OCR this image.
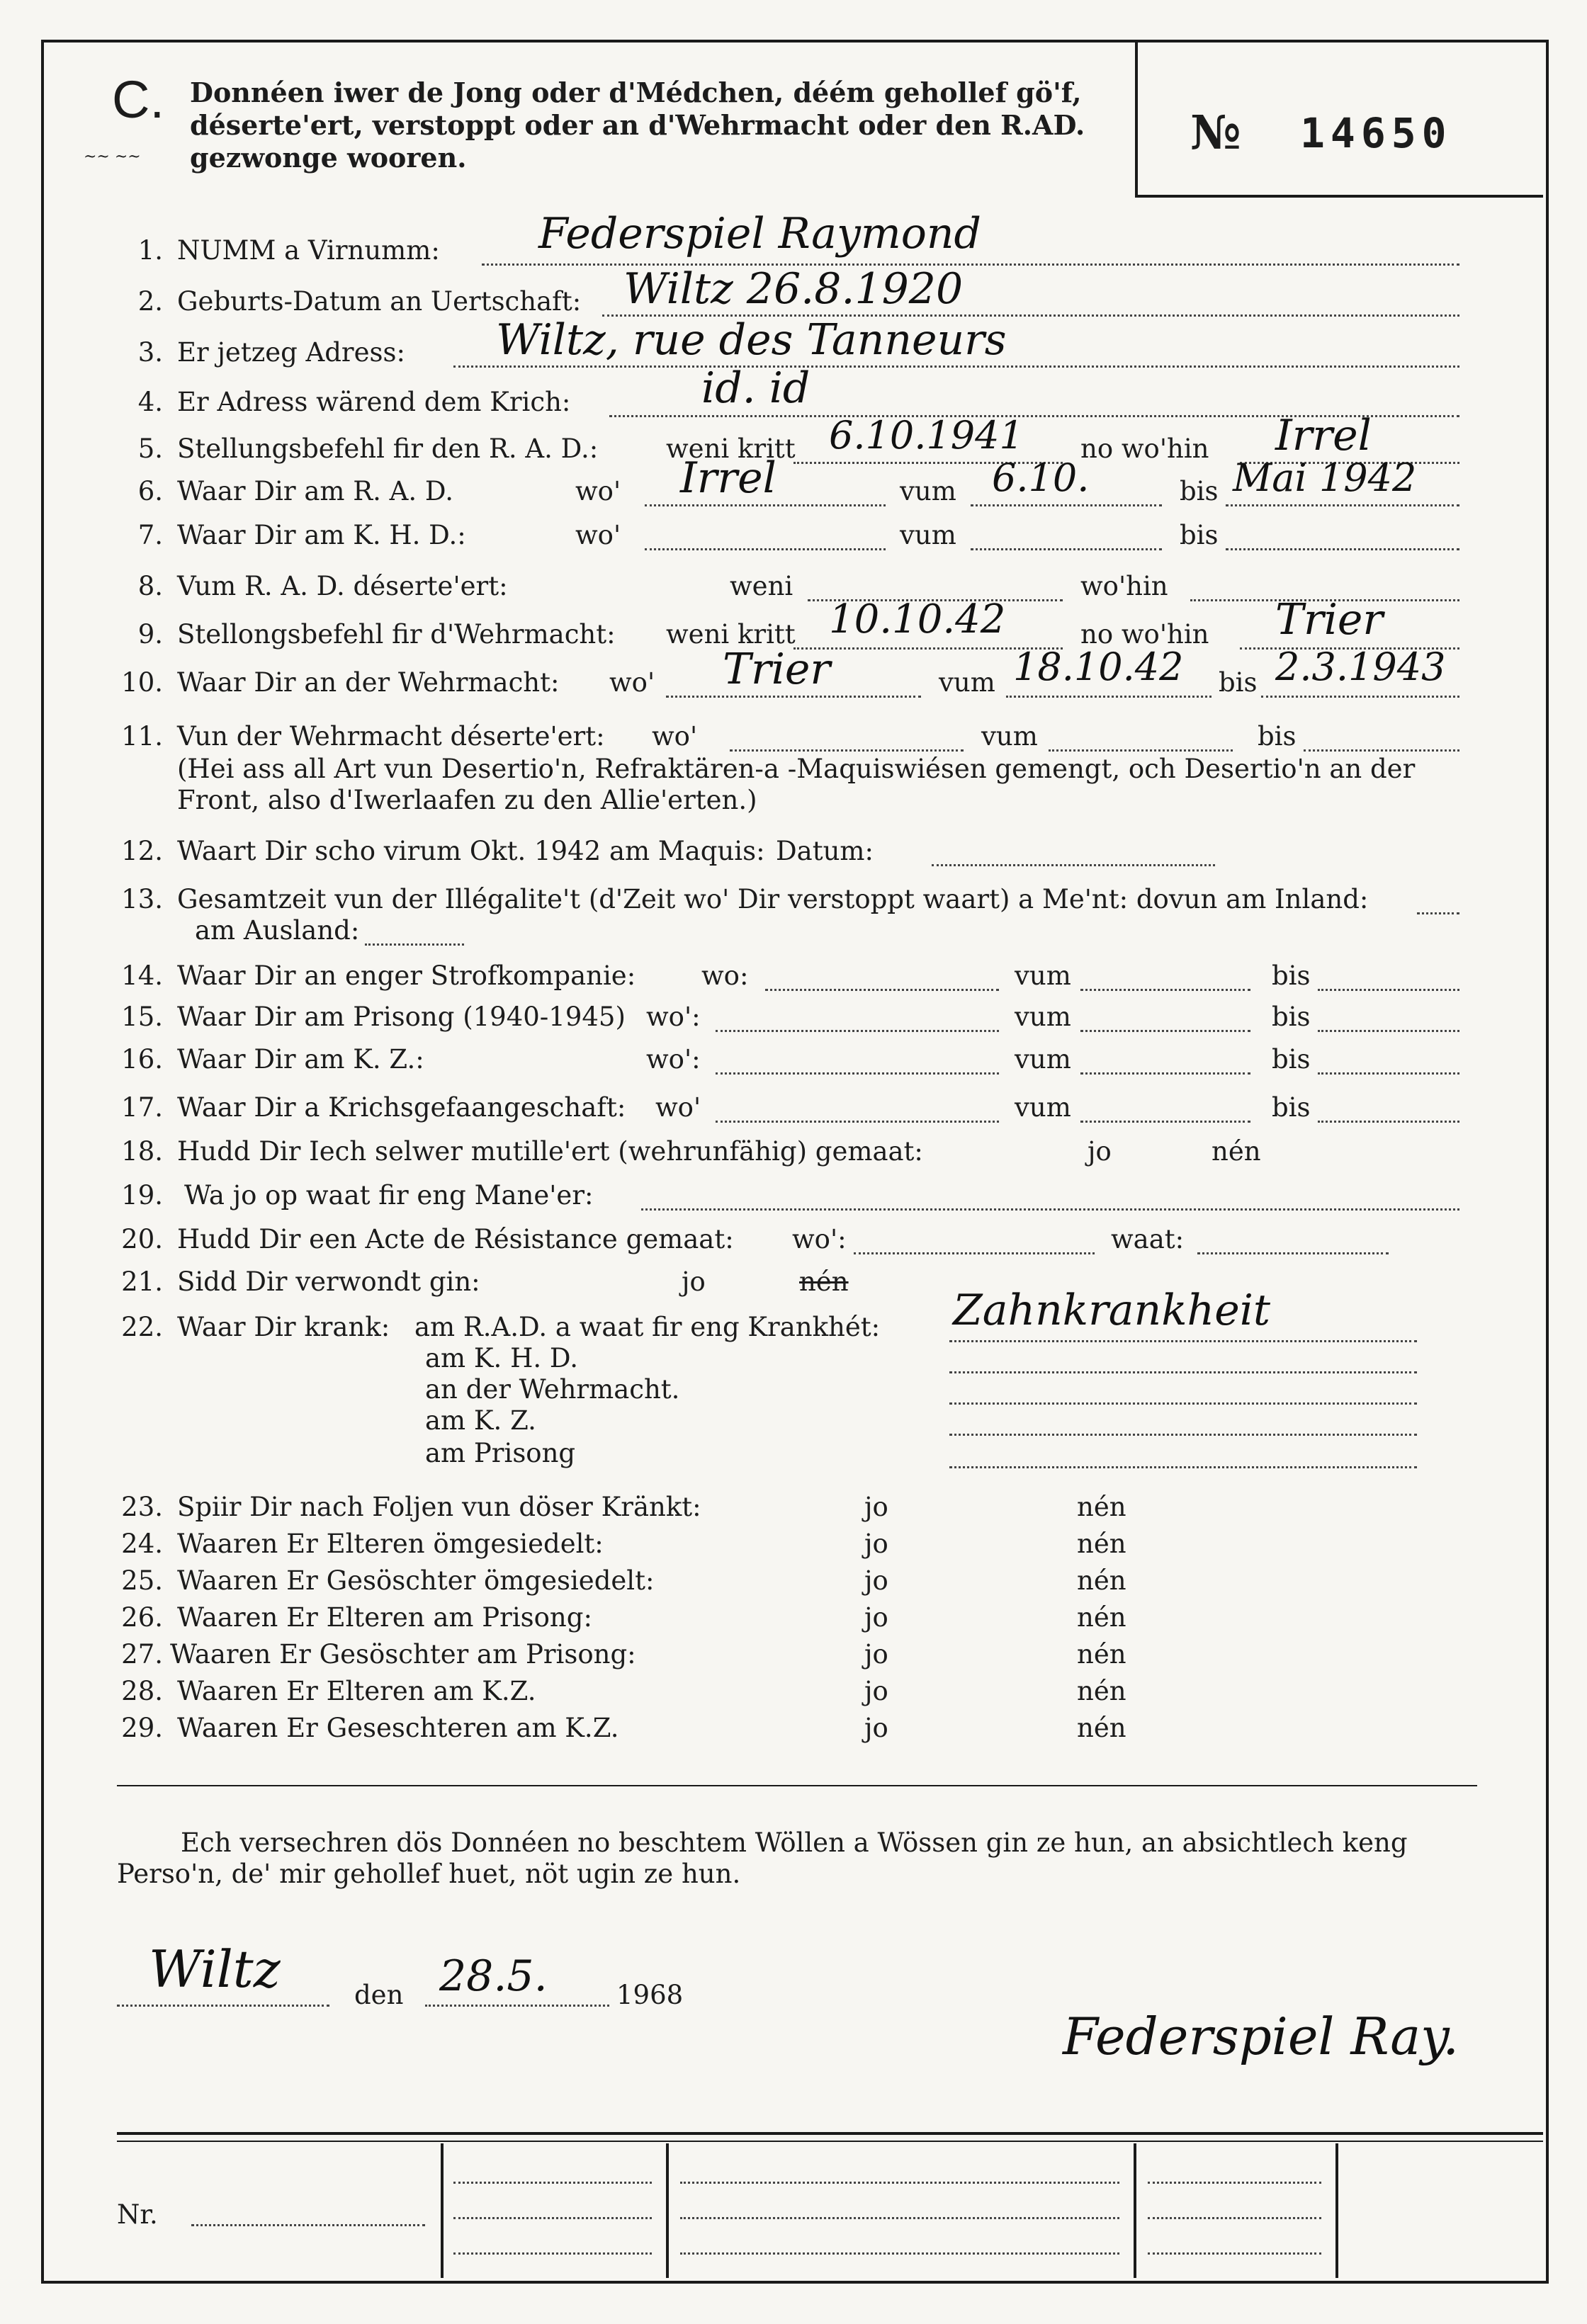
C.
~~ ~~
Donnéen iwer de Jong oder d'Médchen, déém gehollef gö'f, déserte'ert, verstoppt oder an d'Wehrmacht oder den R.AD. gezwonge wooren.	№ 14650
1. NUMM a Virnumm: Federspiel Raymond
2. Geburts-Datum an Uertschaft: Wiltz 26.8.1920
3. Er jetzeg Adress: Wiltz, rue des Tanneurs
4. Er Adress wärend dem Krich:	id. id
5. Stellungsbefehl fir den R. A. D.:	weni kritt 6.10.1941 no wo'hin Irrel
6. Waar Dir am R. A. D.	wo' Irrel	vum 6.10.	bis Mai 1942
7. Waar Dir am K. H. D.:	wo'	vum	bis
8. Vum R. A. D. déserte'ert:	weni	wo'hin
9. Stellongsbefehl fir d'Wehrmacht: weni kritt 10.10.42	no wo'hin Trier
10. Waar Dir an der Wehrmacht: wo' Trier	vum 18.10.42 bis 2.3.1943
11. Vun der Wehrmacht déserte'ert: wo'	vum	bis
(Hei ass all Art vun Desertio'n, Refraktären-a -Maquiswiésen gemengt, och Desertio'n an der Front, also d'Iwerlaafen zu den Allie'erten.)
12. Waart Dir scho virum Okt. 1942 am Maquis: Datum:
13. Gesamtzeit vun der Illégalite't (d'Zeit wo' Dir verstoppt waart) a Me'nt: dovun am Inland:
am Ausland:
14. Waar Dir an enger Strofkompanie:	wo:	vum	bis
15. Waar Dir am Prisong (1940-1945) wo':	vum	bis
16. Waar Dir am K. Z.:	wo':	vum	bis
17. Waar Dir a Krichsgefaangeschaft: wo'	vum	bis
18. Hudd Dir Iech selwer mutille'ert (wehrunfähig) gemaat:	jo	nén
19. Wa jo op waat fir eng Mane'er:
20. Hudd Dir een Acte de Résistance gemaat: wo':	waat:
21. Sidd Dir verwondt gin:	jo	nén
22. Waar Dir krank: am R.A.D. a waat fir eng Krankhét: Zahnkrankheit
am K. H. D.
an der Wehrmacht.
am K. Z.
am Prisong
23. Spiir Dir nach Foljen vun döser Kränkt:	jo	nén
24. Waaren Er Elteren ömgesiedelt:	jo	nén
25. Waaren Er Gesöschter ömgesiedelt:	jo	nén
26. Waaren Er Elteren am Prisong:	jo	nén
27. Waaren Er Gesöschter am Prisong:	jo	nén
28. Waaren Er Elteren am K.Z.	jo	nén
29. Waaren Er Geseschteren am K.Z.	jo	nén
Ech versechren dös Donnéen no beschtem Wöllen a Wössen gin ze hun, an absichtlech keng Perso'n, de' mir gehollef huet, nöt ugin ze hun.
Wiltz	den 28.5.	1968
Federspiel Ray.
Nr.
